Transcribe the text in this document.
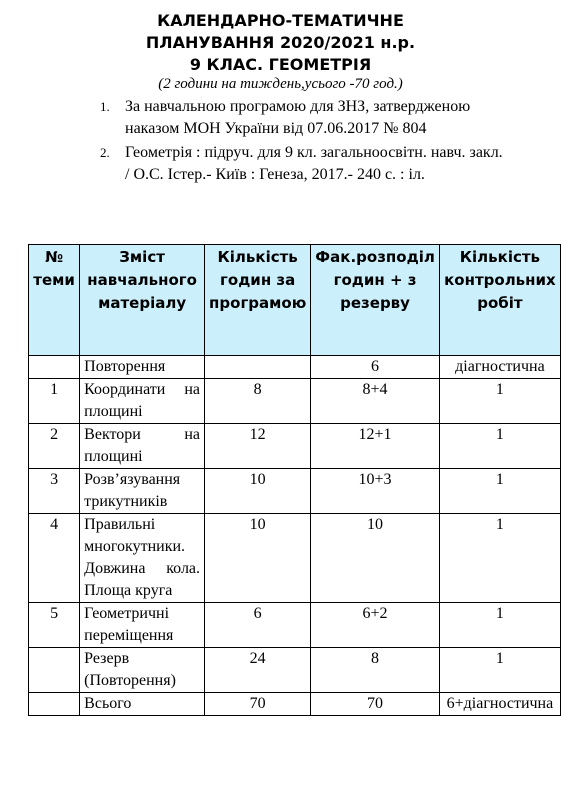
КАЛЕНДАРНО-ТЕМАТИЧНЕ
ПЛАНУВАННЯ 2020/2021 н.р.
9 КЛАС. ГЕОМЕТРІЯ
(2 години на тиждень,усього -70 год.)
1. За навчальною програмою для ЗНЗ, затвердженою наказом МОН України від 07.06.2017 № 804
2. Геометрія : підруч. для 9 кл. загальноосвітн. навч. закл. / О.С. Істер.- Київ : Генеза, 2017.- 240 с. : іл.
№ теми	Зміст навчального матеріалу	Кількість годин за програмою	Фак.розподіл годин + з резерву	Кількість контрольних робіт
	Повторення		6	діагностична
1	Координати на площині	8	8+4	1
2	Вектори на площині	12	12+1	1
3	Розв’язування трикутників	10	10+3	1
4	Правильні многокутники. Довжина кола. Площа круга	10	10	1
5	Геометричні переміщення	6	6+2	1
	Резерв (Повторення)	24	8	1
	Всього	70	70	6+діагностична
